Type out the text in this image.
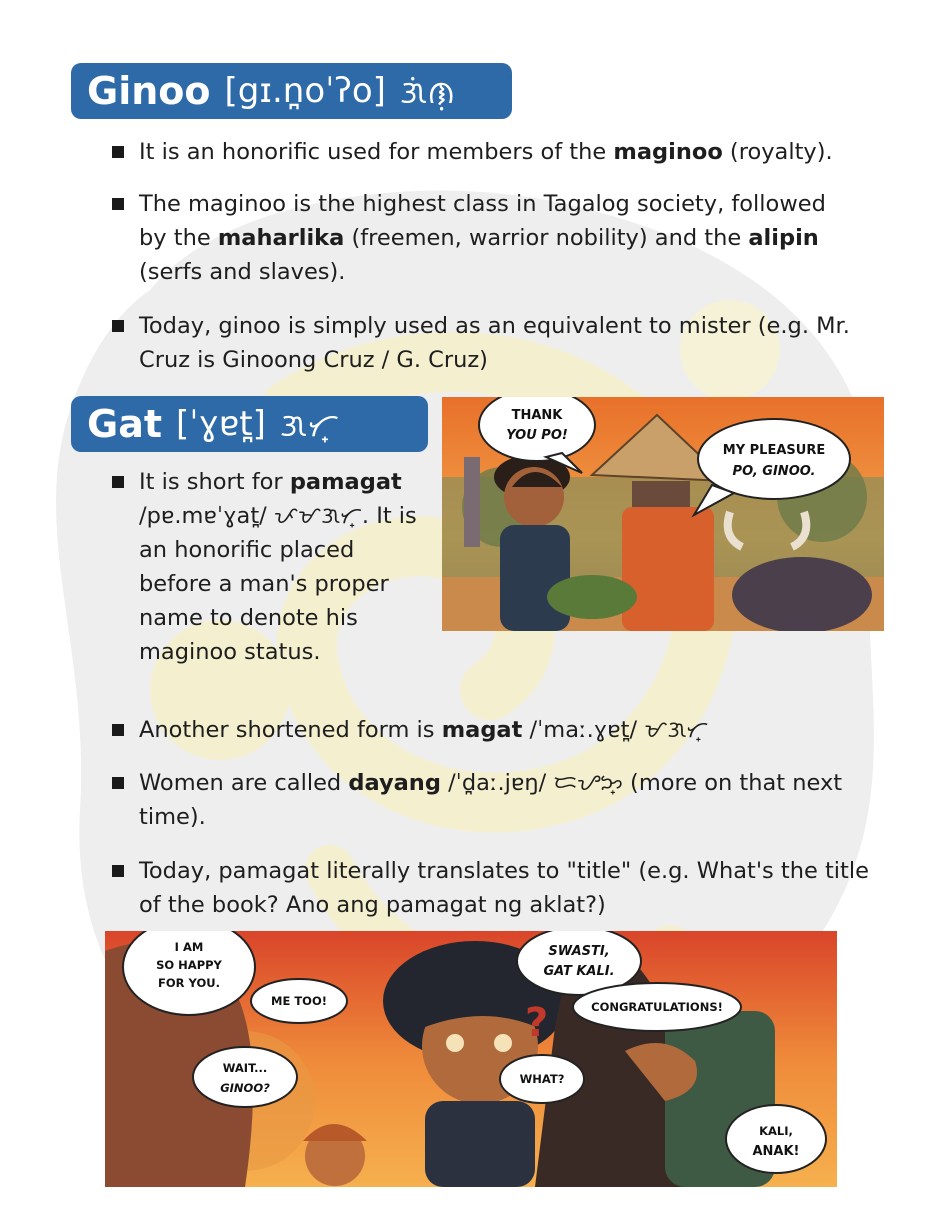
Ginoo [gɪ.n̪oˈʔo] ᜄᜒᜈᜓ
It is an honorific used for members of the maginoo (royalty).
The maginoo is the highest class in Tagalog society, followed by the maharlika (freemen, warrior nobility) and the alipin (serfs and slaves).
Today, ginoo is simply used as an equivalent to mister (e.g. Mr. Cruz is Ginoong Cruz / G. Cruz)
Gat [ˈɣɐt̪] ᜄᜆ᜔
It is short for pamagat /pɐ.mɐˈɣat̪/ ᜉᜋᜄᜆ᜔. It is an honorific placed before a man's proper name to denote his maginoo status.
Another shortened form is magat /ˈmaː.ɣɐt̪/ ᜋᜄᜆ᜔
Women are called dayang /ˈd̪aː.jɐŋ/ ᜇᜌᜅ᜔ (more on that next time).
Today, pamagat literally translates to "title" (e.g. What's the title of the book? Ano ang pamagat ng aklat?)
THANK
YOU PO!
MY PLEASURE
PO, GINOO.
?
I AM
SO HAPPY
FOR YOU.
ME TOO!
WAIT...
GINOO?
SWASTI,
GAT KALI.
CONGRATULATIONS!
WHAT?
KALI,
ANAK!
